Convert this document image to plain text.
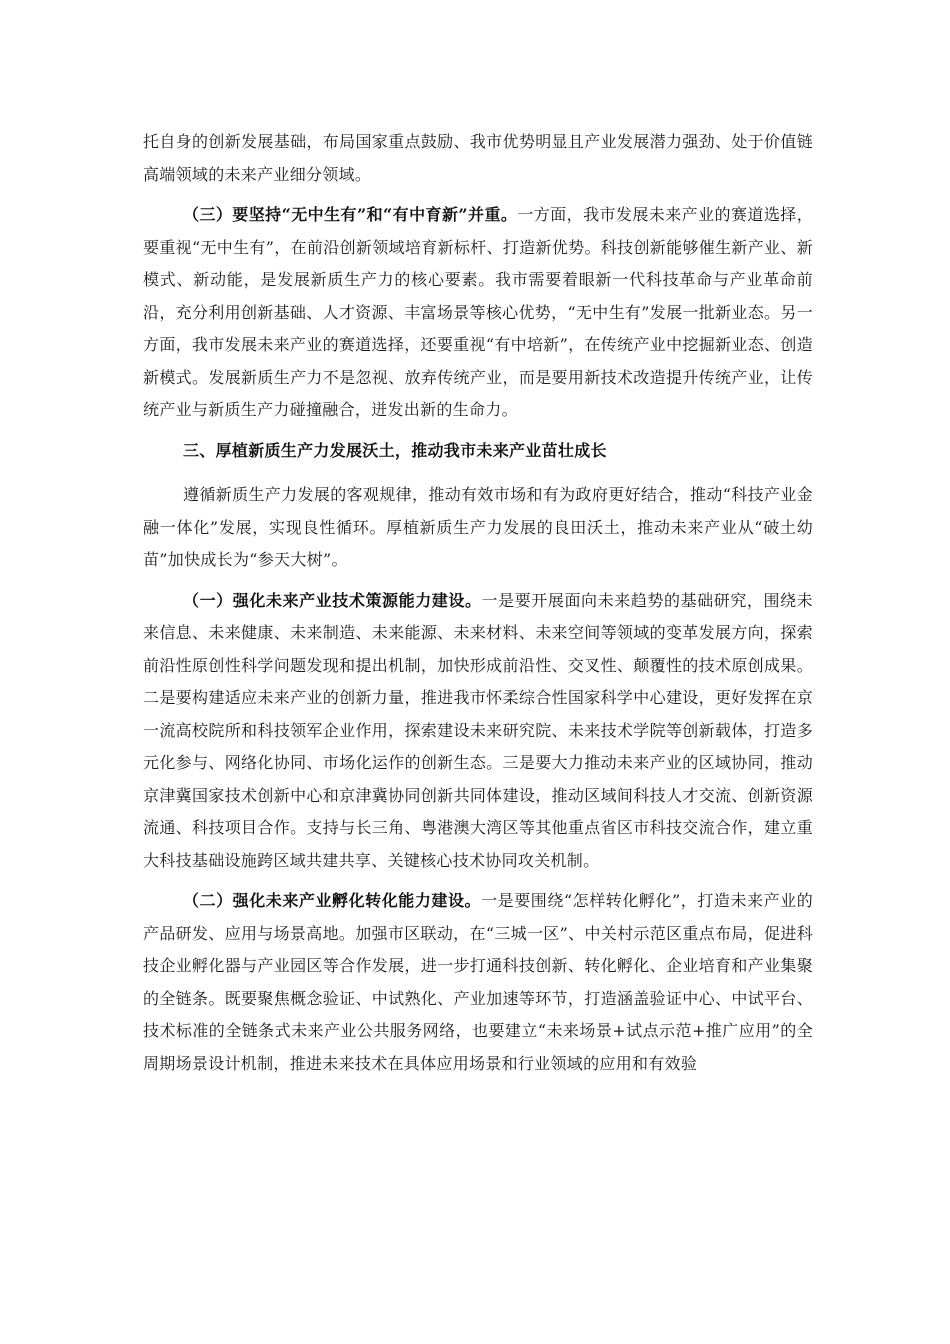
托自身的创新发展基础，布局国家重点鼓励、我市优势明显且产业发展潜力强劲、处于价值链高端领域的未来产业细分领域。

（三）要坚持“无中生有”和“有中育新”并重。一方面，我市发展未来产业的赛道选择，要重视“无中生有”，在前沿创新领域培育新标杆、打造新优势。科技创新能够催生新产业、新模式、新动能，是发展新质生产力的核心要素。我市需要着眼新一代科技革命与产业革命前沿，充分利用创新基础、人才资源、丰富场景等核心优势，“无中生有”发展一批新业态。另一方面，我市发展未来产业的赛道选择，还要重视“有中培新”，在传统产业中挖掘新业态、创造新模式。发展新质生产力不是忽视、放弃传统产业，而是要用新技术改造提升传统产业，让传统产业与新质生产力碰撞融合，迸发出新的生命力。

三、厚植新质生产力发展沃土，推动我市未来产业苗壮成长

遵循新质生产力发展的客观规律，推动有效市场和有为政府更好结合，推动“科技产业金融一体化”发展，实现良性循环。厚植新质生产力发展的良田沃土，推动未来产业从“破土幼苗”加快成长为“参天大树”。

（一）强化未来产业技术策源能力建设。一是要开展面向未来趋势的基础研究，围绕未来信息、未来健康、未来制造、未来能源、未来材料、未来空间等领域的变革发展方向，探索前沿性原创性科学问题发现和提出机制，加快形成前沿性、交叉性、颠覆性的技术原创成果。二是要构建适应未来产业的创新力量，推进我市怀柔综合性国家科学中心建设，更好发挥在京一流高校院所和科技领军企业作用，探索建设未来研究院、未来技术学院等创新载体，打造多元化参与、网络化协同、市场化运作的创新生态。三是要大力推动未来产业的区域协同，推动京津冀国家技术创新中心和京津冀协同创新共同体建设，推动区域间科技人才交流、创新资源流通、科技项目合作。支持与长三角、粤港澳大湾区等其他重点省区市科技交流合作，建立重大科技基础设施跨区域共建共享、关键核心技术协同攻关机制。

（二）强化未来产业孵化转化能力建设。一是要围绕“怎样转化孵化”，打造未来产业的产品研发、应用与场景高地。加强市区联动，在“三城一区”、中关村示范区重点布局，促进科技企业孵化器与产业园区等合作发展，进一步打通科技创新、转化孵化、企业培育和产业集聚的全链条。既要聚焦概念验证、中试熟化、产业加速等环节，打造涵盖验证中心、中试平台、技术标准的全链条式未来产业公共服务网络，也要建立“未来场景+试点示范+推广应用”的全周期场景设计机制，推进未来技术在具体应用场景和行业领域的应用和有效验
